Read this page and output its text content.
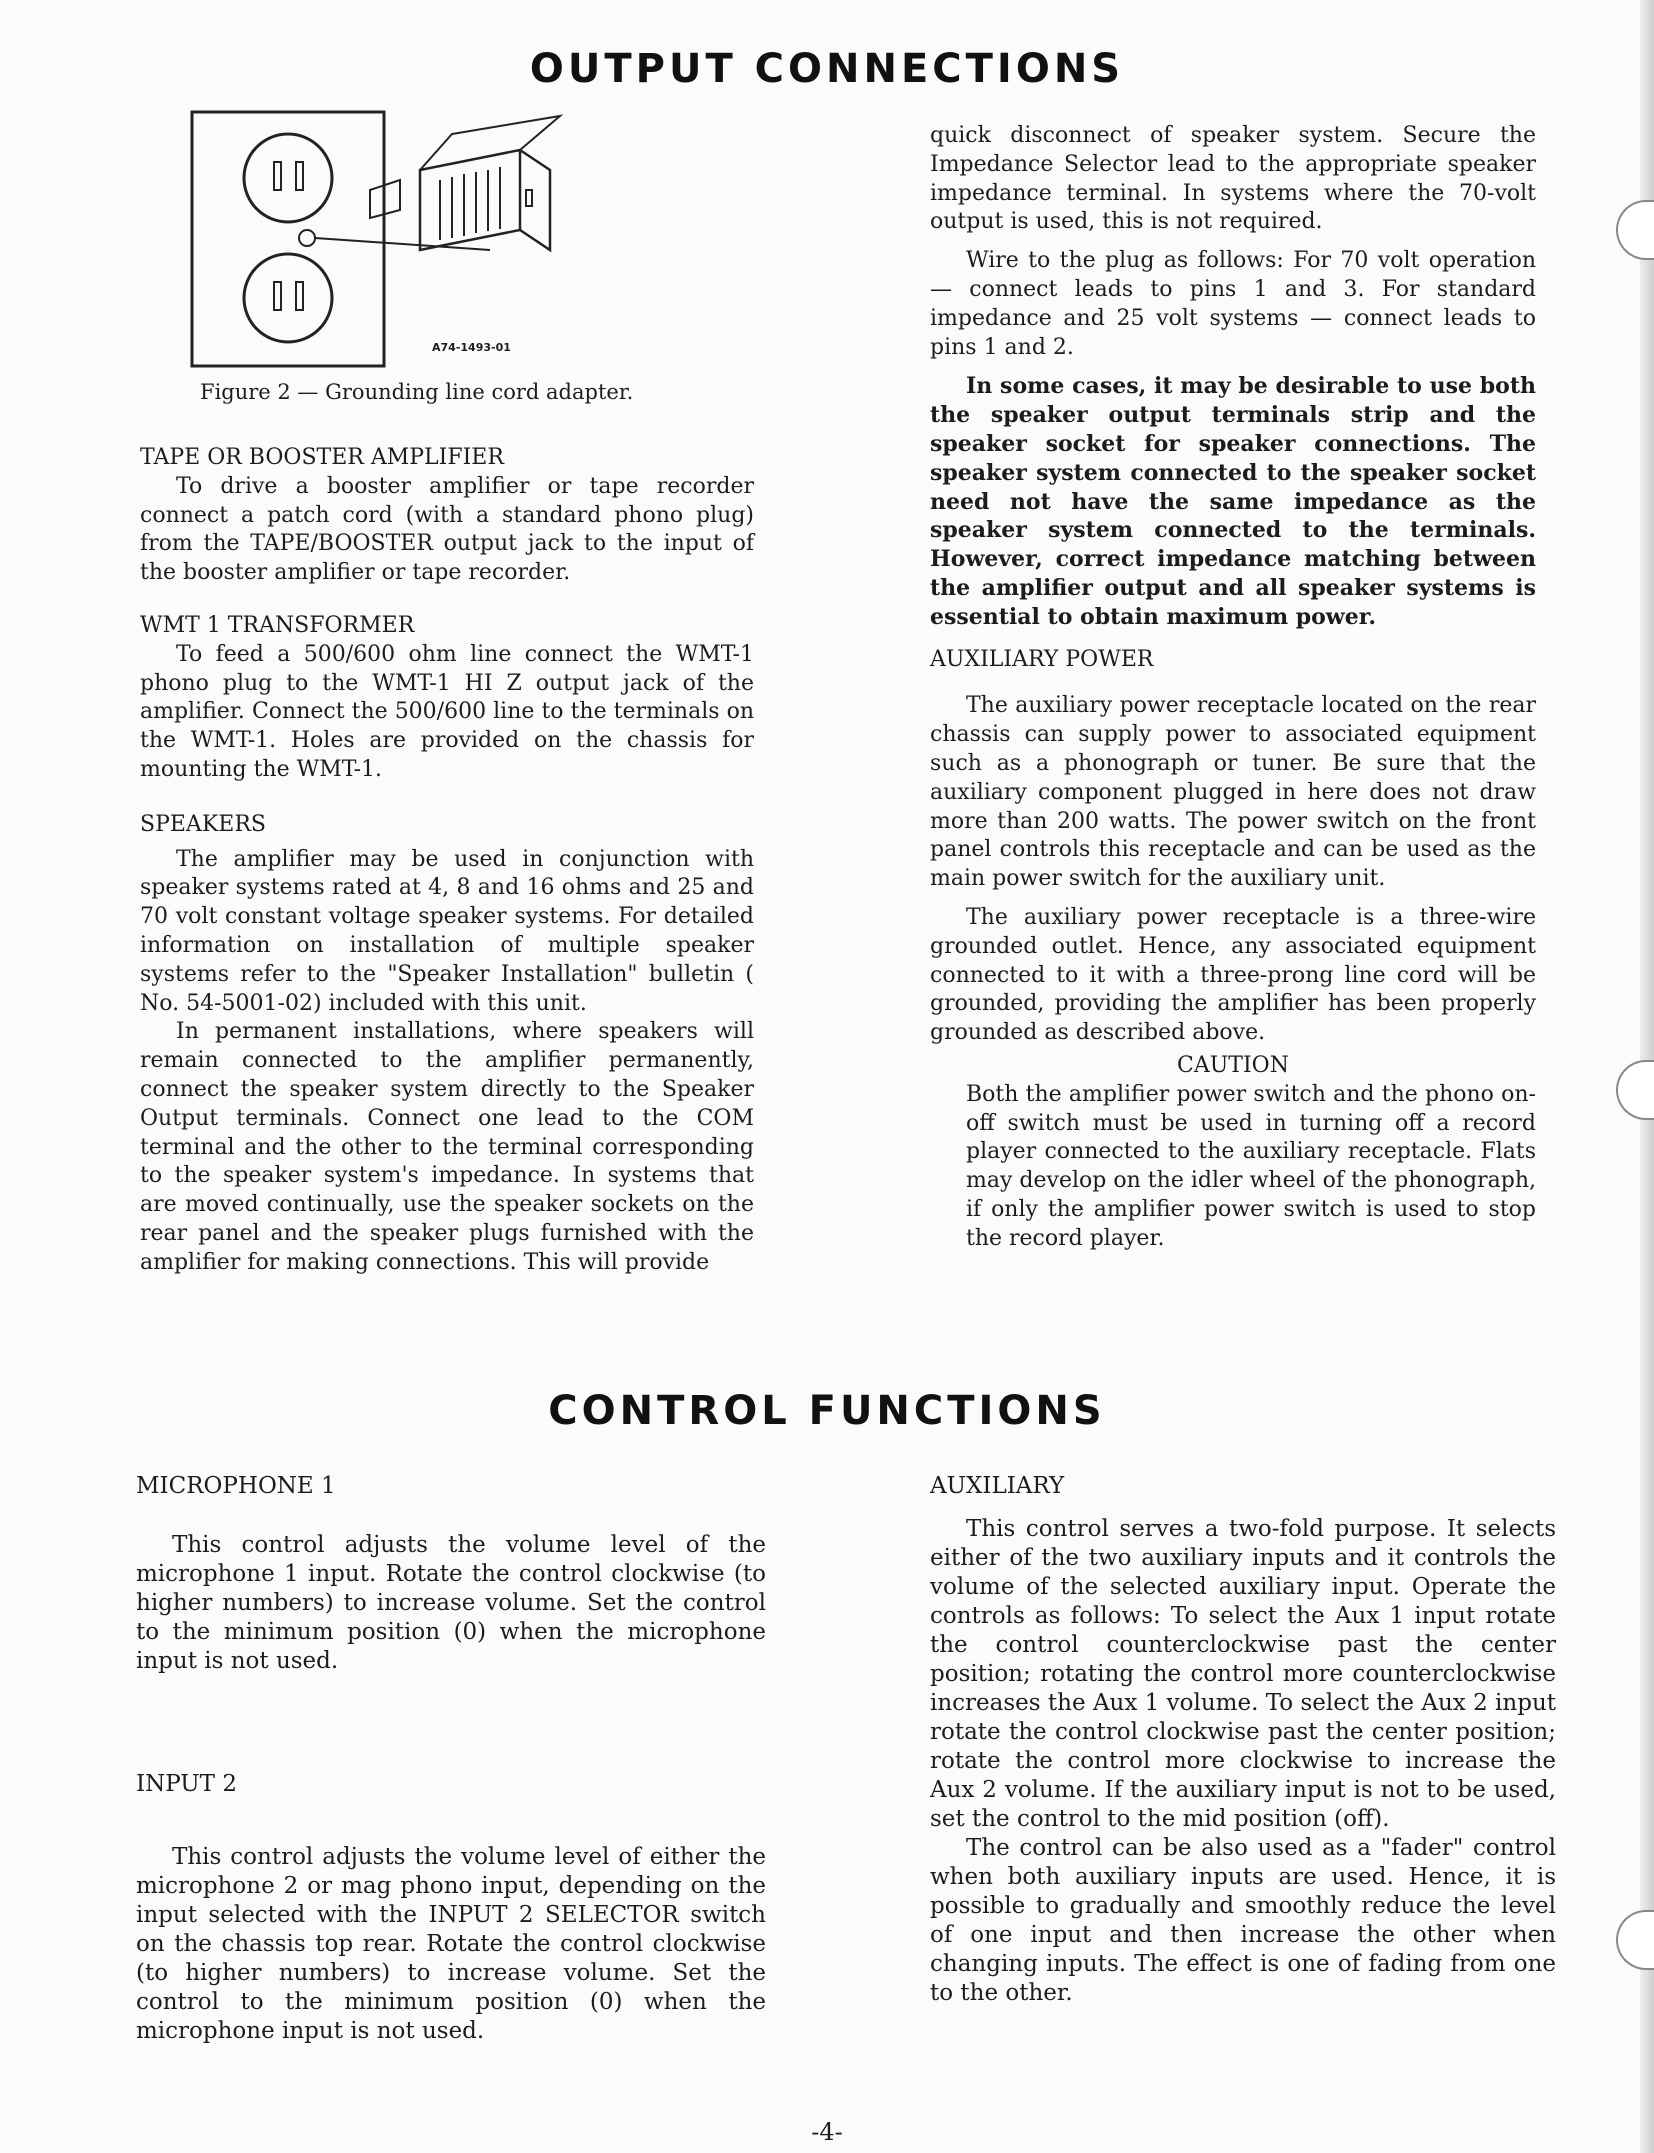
OUTPUT CONNECTIONS
A74-1493-01
Figure 2 — Grounding line cord adapter.

TAPE OR BOOSTER AMPLIFIER

To drive a booster amplifier or tape recorder connect a patch cord (with a standard phono plug) from the TAPE/BOOSTER output jack to the input of the booster amplifier or tape recorder.

WMT 1 TRANSFORMER

To feed a 500/600 ohm line connect the WMT-1 phono plug to the WMT-1 HI Z output jack of the amplifier. Connect the 500/600 line to the terminals on the WMT-1. Holes are provided on the chassis for mounting the WMT-1.

SPEAKERS

The amplifier may be used in conjunction with speaker systems rated at 4, 8 and 16 ohms and 25 and 70 volt constant voltage speaker systems. For detailed information on installation of multiple speaker systems refer to the "Speaker Installation" bulletin ( No. 54-5001-02) included with this unit.

In permanent installations, where speakers will remain connected to the amplifier permanently, connect the speaker system directly to the Speaker Output terminals. Connect one lead to the COM terminal and the other to the terminal corresponding to the speaker system's impedance. In systems that are moved continually, use the speaker sockets on the rear panel and the speaker plugs furnished with the amplifier for making connections. This will provide

quick disconnect of speaker system. Secure the Impedance Selector lead to the appropriate speaker impedance terminal. In systems where the 70-volt output is used, this is not required.

Wire to the plug as follows: For 70 volt operation — connect leads to pins 1 and 3. For standard impedance and 25 volt systems — connect leads to pins 1 and 2.

In some cases, it may be desirable to use both the speaker output terminals strip and the speaker socket for speaker connections. The speaker system connected to the speaker socket need not have the same impedance as the speaker system connected to the terminals. However, correct impedance matching between the amplifier output and all speaker systems is essential to obtain maximum power.

AUXILIARY POWER

The auxiliary power receptacle located on the rear chassis can supply power to associated equipment such as a phonograph or tuner. Be sure that the auxiliary component plugged in here does not draw more than 200 watts. The power switch on the front panel controls this receptacle and can be used as the main power switch for the auxiliary unit.

The auxiliary power receptacle is a three-wire grounded outlet. Hence, any associated equipment connected to it with a three-prong line cord will be grounded, providing the amplifier has been properly grounded as described above.

CAUTION

Both the amplifier power switch and the phono on-off switch must be used in turning off a record player connected to the auxiliary receptacle. Flats may develop on the idler wheel of the phonograph, if only the amplifier power switch is used to stop the record player.

CONTROL FUNCTIONS

MICROPHONE 1

This control adjusts the volume level of the microphone 1 input. Rotate the control clockwise (to higher numbers) to increase volume. Set the control to the minimum position (0) when the microphone input is not used.

INPUT 2

This control adjusts the volume level of either the microphone 2 or mag phono input, depending on the input selected with the INPUT 2 SELECTOR switch on the chassis top rear. Rotate the control clockwise (to higher numbers) to increase volume. Set the control to the minimum position (0) when the microphone input is not used.

AUXILIARY

This control serves a two-fold purpose. It selects either of the two auxiliary inputs and it controls the volume of the selected auxiliary input. Operate the controls as follows: To select the Aux 1 input rotate the control counterclockwise past the center position; rotating the control more counterclockwise increases the Aux 1 volume. To select the Aux 2 input rotate the control clockwise past the center position; rotate the control more clockwise to increase the Aux 2 volume. If the auxiliary input is not to be used, set the control to the mid position (off).

The control can be also used as a "fader" control when both auxiliary inputs are used. Hence, it is possible to gradually and smoothly reduce the level of one input and then increase the other when changing inputs. The effect is one of fading from one to the other.

-4-
